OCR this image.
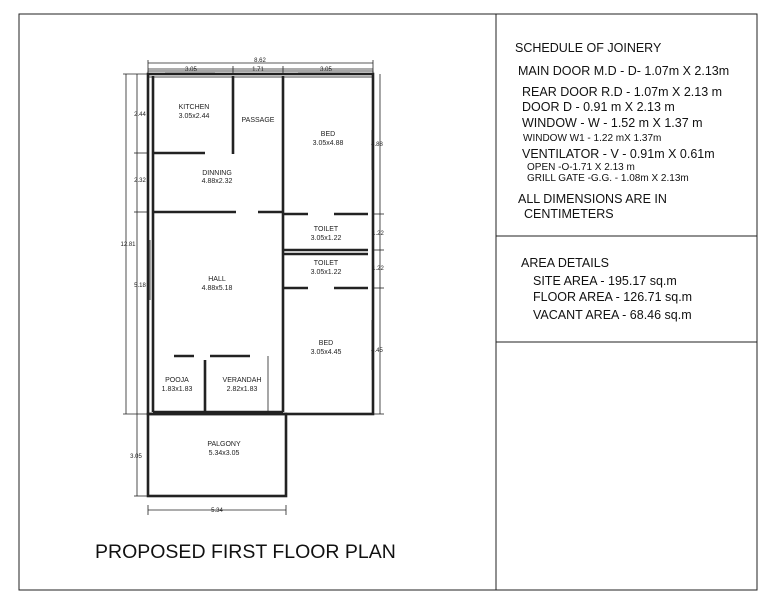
8.62
3.05	1.71	3.05
12.81
2.44
2.32
5.18
3.05
4.88
1.22
1.22
4.45
5.34
KITCHEN
3.05x2.44
PASSAGE
BED
3.05x4.88
DINNING
4.88x2.32
TOILET
3.05x1.22
TOILET
3.05x1.22
HALL
4.88x5.18
BED
3.05x4.45
POOJA
1.83x1.83
VERANDAH
2.82x1.83
PALGONY
5.34x3.05
PROPOSED FIRST FLOOR PLAN
SCHEDULE OF JOINERY
MAIN DOOR M.D - D- 1.07m X 2.13m
REAR DOOR R.D - 1.07m X 2.13 m
DOOR D - 0.91 m X 2.13 m
WINDOW - W - 1.52 m X 1.37 m
WINDOW W1 - 1.22 mX 1.37m
VENTILATOR - V - 0.91m X 0.61m
OPEN -O-1.71 X 2.13 m
GRILL GATE -G.G. - 1.08m X 2.13m
ALL DIMENSIONS ARE IN
CENTIMETERS
AREA DETAILS
SITE AREA - 195.17 sq.m
FLOOR AREA - 126.71 sq.m
VACANT AREA - 68.46 sq.m
